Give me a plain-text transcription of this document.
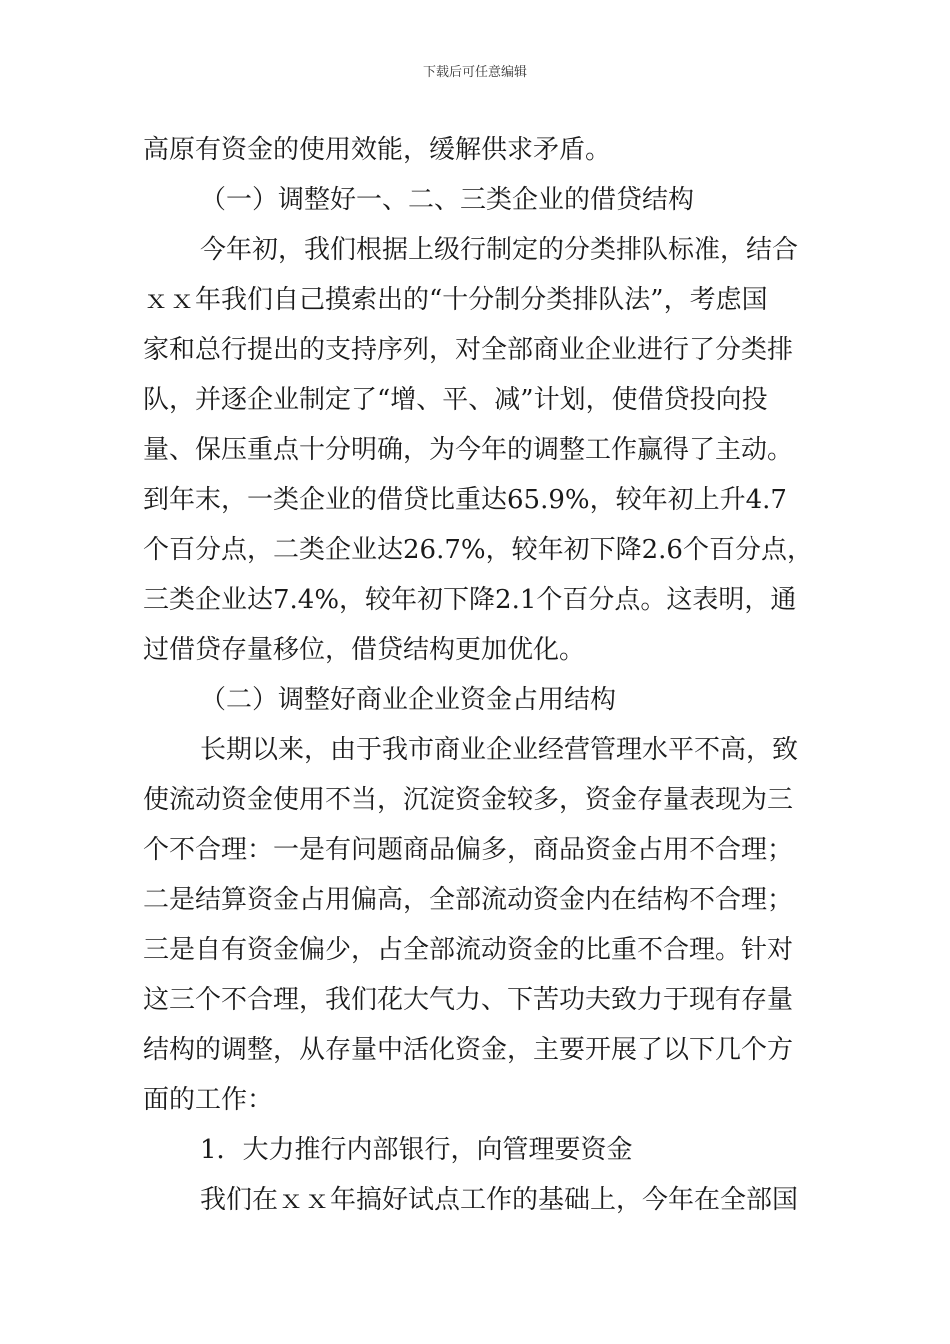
下载后可任意编辑
高原有资金的使用效能，缓解供求矛盾。
（一）调整好一、二、三类企业的借贷结构
今年初，我们根据上级行制定的分类排队标准，结合
ｘｘ年我们自己摸索出的“十分制分类排队法”，考虑国
家和总行提出的支持序列，对全部商业企业进行了分类排
队，并逐企业制定了“增、平、减”计划，使借贷投向投
量、保压重点十分明确，为今年的调整工作赢得了主动。
到年末，一类企业的借贷比重达65.9%，较年初上升4.7
个百分点，二类企业达26.7%，较年初下降2.6个百分点，
三类企业达7.4%，较年初下降2.1个百分点。这表明，通
过借贷存量移位，借贷结构更加优化。
（二）调整好商业企业资金占用结构
长期以来，由于我市商业企业经营管理水平不高，致
使流动资金使用不当，沉淀资金较多，资金存量表现为三
个不合理：一是有问题商品偏多，商品资金占用不合理；
二是结算资金占用偏高，全部流动资金内在结构不合理；
三是自有资金偏少，占全部流动资金的比重不合理。针对
这三个不合理，我们花大气力、下苦功夫致力于现有存量
结构的调整，从存量中活化资金，主要开展了以下几个方
面的工作：
1．大力推行内部银行，向管理要资金
我们在ｘｘ年搞好试点工作的基础上，今年在全部国
